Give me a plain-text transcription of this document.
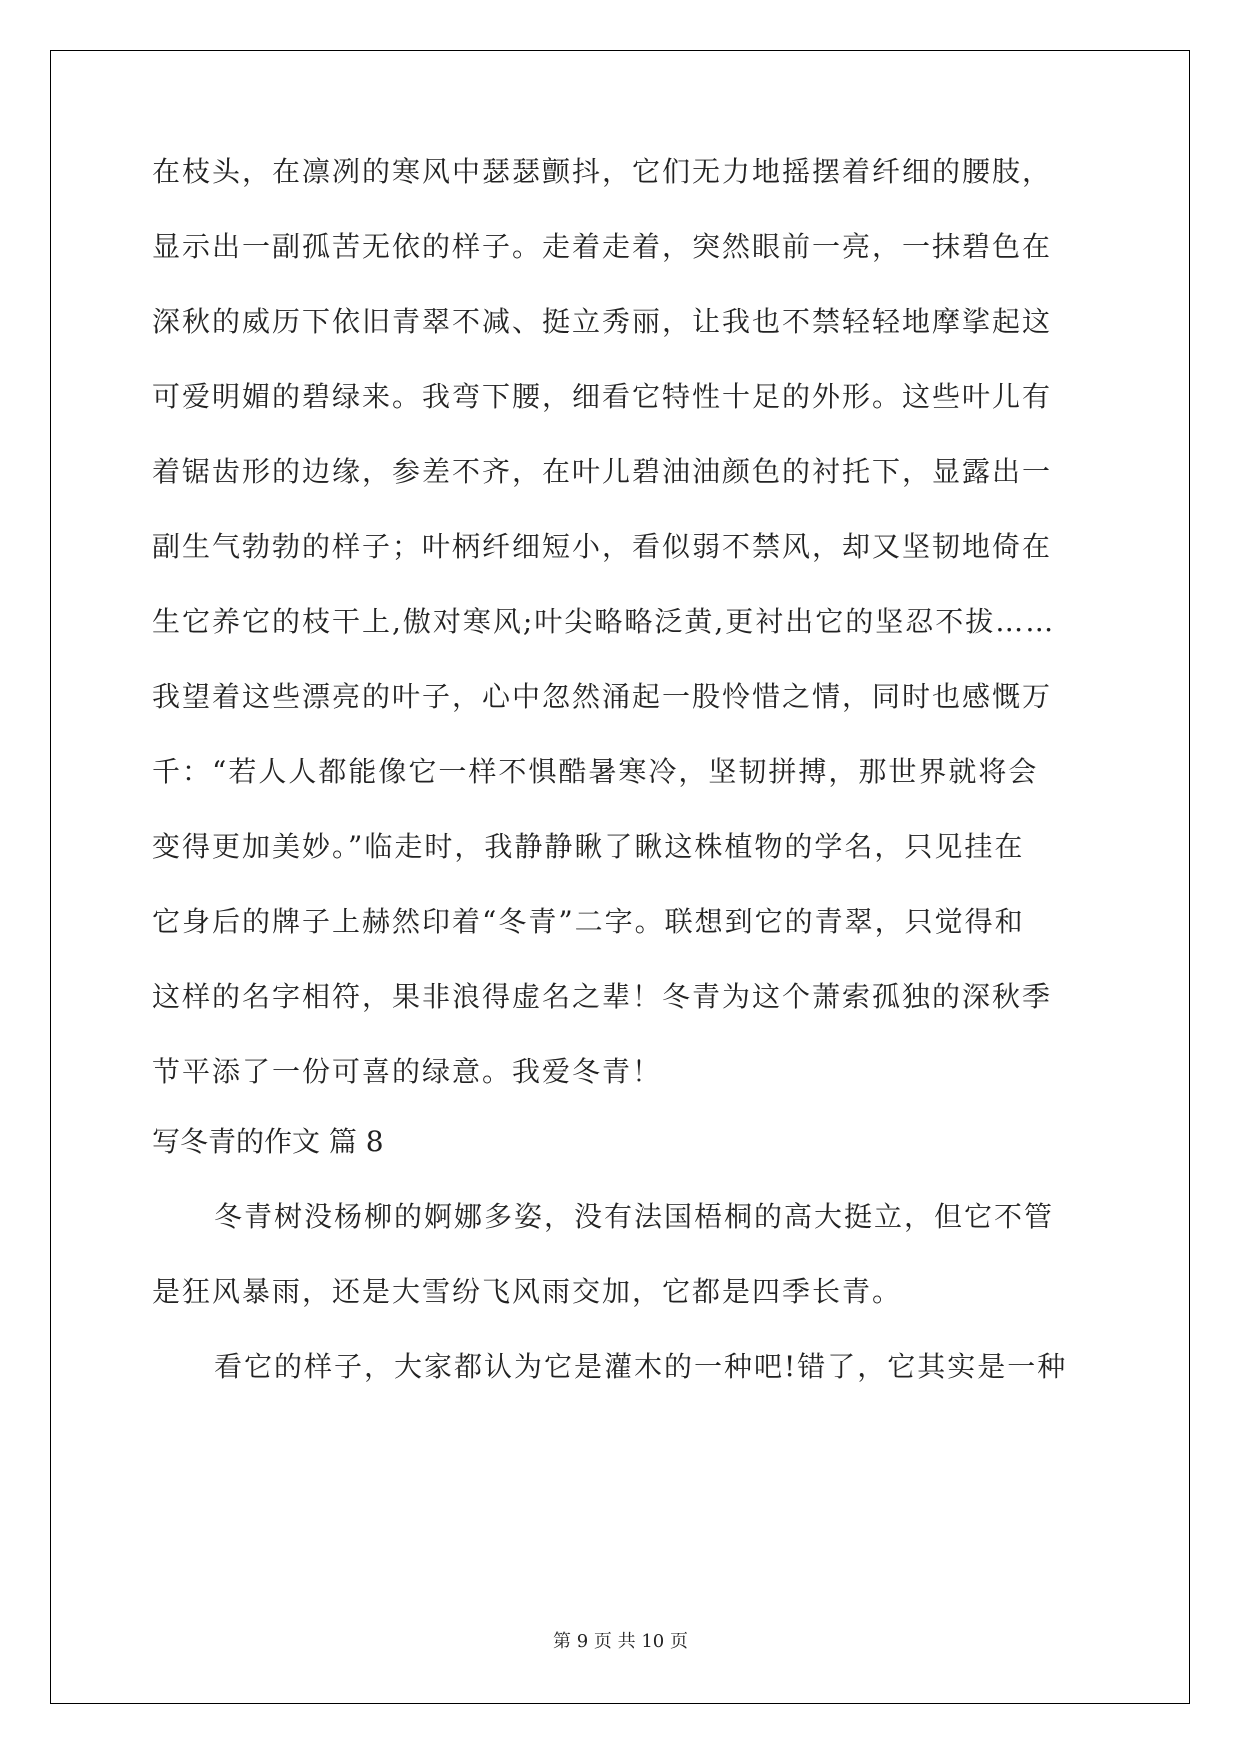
在枝头，在凛冽的寒风中瑟瑟颤抖，它们无力地摇摆着纤细的腰肢，
显示出一副孤苦无依的样子。走着走着，突然眼前一亮，一抹碧色在
深秋的威历下依旧青翠不减、挺立秀丽，让我也不禁轻轻地摩挲起这
可爱明媚的碧绿来。我弯下腰，细看它特性十足的外形。这些叶儿有
着锯齿形的边缘，参差不齐，在叶儿碧油油颜色的衬托下，显露出一
副生气勃勃的样子；叶柄纤细短小，看似弱不禁风，却又坚韧地倚在
生它养它的枝干上,傲对寒风;叶尖略略泛黄,更衬出它的坚忍不拔……
我望着这些漂亮的叶子，心中忽然涌起一股怜惜之情，同时也感慨万
千：“若人人都能像它一样不惧酷暑寒冷，坚韧拼搏，那世界就将会
变得更加美妙。”临走时，我静静瞅了瞅这株植物的学名，只见挂在
它身后的牌子上赫然印着“冬青”二字。联想到它的青翠，只觉得和
这样的名字相符，果非浪得虚名之辈！冬青为这个萧索孤独的深秋季
节平添了一份可喜的绿意。我爱冬青！
写冬青的作文 篇 8
冬青树没杨柳的婀娜多姿，没有法国梧桐的高大挺立，但它不管
是狂风暴雨，还是大雪纷飞风雨交加，它都是四季长青。
看它的样子，大家都认为它是灌木的一种吧!错了，它其实是一种
第 9 页 共 10 页
